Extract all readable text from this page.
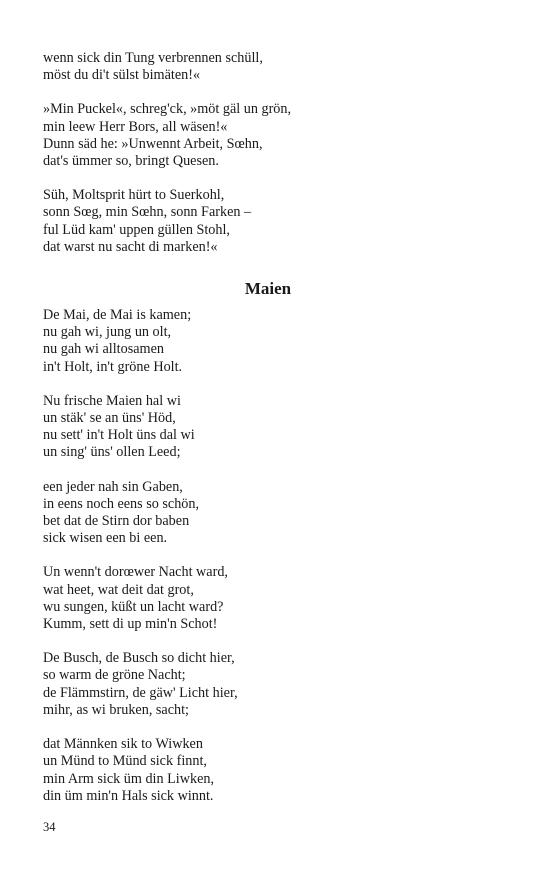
wenn sick din Tung verbrennen schüll,
möst du di't sülst bimäten!«
»Min Puckel«, schreg'ck, »möt gäl un grön,
min leew Herr Bors, all wäsen!«
Dunn säd he: »Unwennt Arbeit, Sœhn,
dat's ümmer so, bringt Quesen.
Süh, Moltsprit hürt to Suerkohl,
sonn Sœg, min Sœhn, sonn Farken –
ful Lüd kam' uppen güllen Stohl,
dat warst nu sacht di marken!«
Maien
De Mai, de Mai is kamen;
nu gah wi, jung un olt,
nu gah wi alltosamen
in't Holt, in't gröne Holt.
Nu frische Maien hal wi
un stäk' se an üns' Höd,
nu sett' in't Holt üns dal wi
un sing' üns' ollen Leed;
een jeder nah sin Gaben,
in eens noch eens so schön,
bet dat de Stirn dor baben
sick wisen een bi een.
Un wenn't dorœwer Nacht ward,
wat heet, wat deit dat grot,
wu sungen, küßt un lacht ward?
Kumm, sett di up min'n Schot!
De Busch, de Busch so dicht hier,
so warm de gröne Nacht;
de Flämmstirn, de gäw' Licht hier,
mihr, as wi bruken, sacht;
dat Männken sik to Wiwken
un Münd to Münd sick finnt,
min Arm sick üm din Liwken,
din üm min'n Hals sick winnt.
34
